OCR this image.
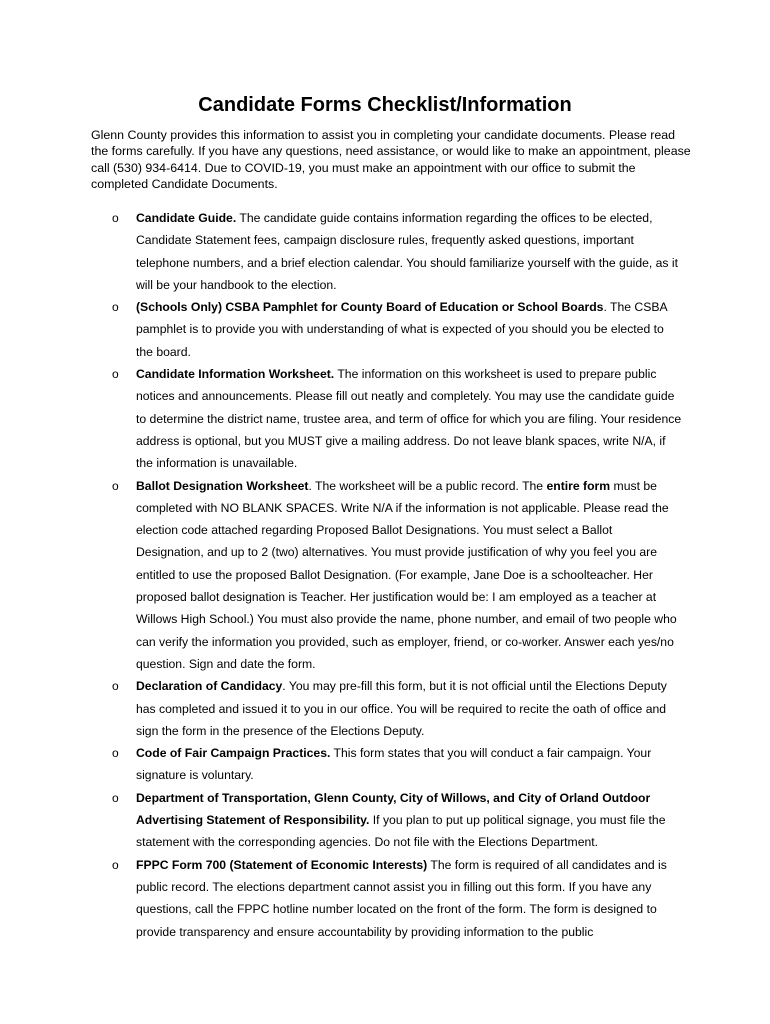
Candidate Forms Checklist/Information
Glenn County provides this information to assist you in completing your candidate documents. Please read the forms carefully. If you have any questions, need assistance, or would like to make an appointment, please call (530) 934-6414. Due to COVID-19, you must make an appointment with our office to submit the completed Candidate Documents.
o Candidate Guide. The candidate guide contains information regarding the offices to be elected, Candidate Statement fees, campaign disclosure rules, frequently asked questions, important telephone numbers, and a brief election calendar. You should familiarize yourself with the guide, as it will be your handbook to the election.
o (Schools Only) CSBA Pamphlet for County Board of Education or School Boards. The CSBA pamphlet is to provide you with understanding of what is expected of you should you be elected to the board.
o Candidate Information Worksheet. The information on this worksheet is used to prepare public notices and announcements. Please fill out neatly and completely. You may use the candidate guide to determine the district name, trustee area, and term of office for which you are filing. Your residence address is optional, but you MUST give a mailing address. Do not leave blank spaces, write N/A, if the information is unavailable.
o Ballot Designation Worksheet. The worksheet will be a public record. The entire form must be completed with NO BLANK SPACES. Write N/A if the information is not applicable. Please read the election code attached regarding Proposed Ballot Designations. You must select a Ballot Designation, and up to 2 (two) alternatives. You must provide justification of why you feel you are entitled to use the proposed Ballot Designation. (For example, Jane Doe is a schoolteacher. Her proposed ballot designation is Teacher. Her justification would be: I am employed as a teacher at Willows High School.) You must also provide the name, phone number, and email of two people who can verify the information you provided, such as employer, friend, or co-worker. Answer each yes/no question. Sign and date the form.
o Declaration of Candidacy. You may pre-fill this form, but it is not official until the Elections Deputy has completed and issued it to you in our office. You will be required to recite the oath of office and sign the form in the presence of the Elections Deputy.
o Code of Fair Campaign Practices. This form states that you will conduct a fair campaign. Your signature is voluntary.
o Department of Transportation, Glenn County, City of Willows, and City of Orland Outdoor Advertising Statement of Responsibility. If you plan to put up political signage, you must file the statement with the corresponding agencies. Do not file with the Elections Department.
o FPPC Form 700 (Statement of Economic Interests) The form is required of all candidates and is public record. The elections department cannot assist you in filling out this form. If you have any questions, call the FPPC hotline number located on the front of the form. The form is designed to provide transparency and ensure accountability by providing information to the public
